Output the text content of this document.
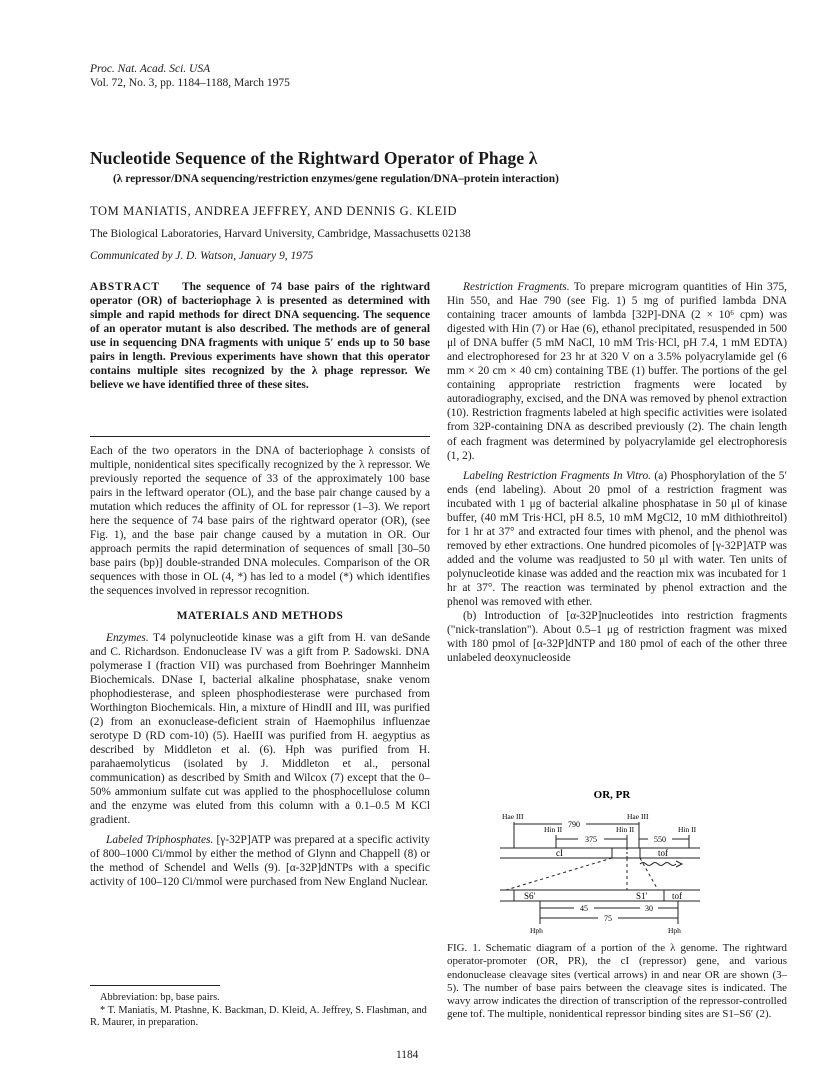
Proc. Nat. Acad. Sci. USA
Vol. 72, No. 3, pp. 1184–1188, March 1975
Nucleotide Sequence of the Rightward Operator of Phage λ
(λ repressor/DNA sequencing/restriction enzymes/gene regulation/DNA–protein interaction)
TOM MANIATIS, ANDREA JEFFREY, AND DENNIS G. KLEID
The Biological Laboratories, Harvard University, Cambridge, Massachusetts 02138
Communicated by J. D. Watson, January 9, 1975
ABSTRACT The sequence of 74 base pairs of the rightward operator (OR) of bacteriophage λ is presented as determined with simple and rapid methods for direct DNA sequencing. The sequence of an operator mutant is also described. The methods are of general use in sequencing DNA fragments with unique 5′ ends up to 50 base pairs in length. Previous experiments have shown that this operator contains multiple sites recognized by the λ phage repressor. We believe we have identified three of these sites.

Each of the two operators in the DNA of bacteriophage λ consists of multiple, nonidentical sites specifically recognized by the λ repressor. We previously reported the sequence of 33 of the approximately 100 base pairs in the leftward operator (OL), and the base pair change caused by a mutation which reduces the affinity of OL for repressor (1–3). We report here the sequence of 74 base pairs of the rightward operator (OR), (see Fig. 1), and the base pair change caused by a mutation in OR. Our approach permits the rapid determination of sequences of small [30–50 base pairs (bp)] double-stranded DNA molecules. Comparison of the OR sequences with those in OL (4, *) has led to a model (*) which identifies the sequences involved in repressor recognition.

MATERIALS AND METHODS

Enzymes. T4 polynucleotide kinase was a gift from H. van deSande and C. Richardson. Endonuclease IV was a gift from P. Sadowski. DNA polymerase I (fraction VII) was purchased from Boehringer Mannheim Biochemicals. DNase I, bacterial alkaline phosphatase, snake venom phophodiesterase, and spleen phosphodiesterase were purchased from Worthington Biochemicals. Hin, a mixture of HindII and III, was purified (2) from an exonuclease-deficient strain of Haemophilus influenzae serotype D (RD com-10) (5). HaeIII was purified from H. aegyptius as described by Middleton et al. (6). Hph was purified from H. parahaemolyticus (isolated by J. Middleton et al., personal communication) as described by Smith and Wilcox (7) except that the 0–50% ammonium sulfate cut was applied to the phosphocellulose column and the enzyme was eluted from this column with a 0.1–0.5 M KCl gradient.

Labeled Triphosphates. [γ-32P]ATP was prepared at a specific activity of 800–1000 Ci/mmol by either the method of Glynn and Chappell (8) or the method of Schendel and Wells (9). [α-32P]dNTPs with a specific activity of 100–120 Ci/mmol were purchased from New England Nuclear.

Abbreviation: bp, base pairs.
* T. Maniatis, M. Ptashne, K. Backman, D. Kleid, A. Jeffrey, S. Flashman, and R. Maurer, in preparation.

Restriction Fragments. To prepare microgram quantities of Hin 375, Hin 550, and Hae 790 (see Fig. 1) 5 mg of purified lambda DNA containing tracer amounts of lambda [32P]-DNA (2 × 10⁶ cpm) was digested with Hin (7) or Hae (6), ethanol precipitated, resuspended in 500 μl of DNA buffer (5 mM NaCl, 10 mM Tris·HCl, pH 7.4, 1 mM EDTA) and electrophoresed for 23 hr at 320 V on a 3.5% polyacrylamide gel (6 mm × 20 cm × 40 cm) containing TBE (1) buffer. The portions of the gel containing appropriate restriction fragments were located by autoradiography, excised, and the DNA was removed by phenol extraction (10). Restriction fragments labeled at high specific activities were isolated from 32P-containing DNA as described previously (2). The chain length of each fragment was determined by polyacrylamide gel electrophoresis (1, 2).

Labeling Restriction Fragments In Vitro. (a) Phosphorylation of the 5′ ends (end labeling). About 20 pmol of a restriction fragment was incubated with 1 μg of bacterial alkaline phosphatase in 50 μl of kinase buffer, (40 mM Tris·HCl, pH 8.5, 10 mM MgCl2, 10 mM dithiothreitol) for 1 hr at 37° and extracted four times with phenol, and the phenol was removed by ether extractions. One hundred picomoles of [γ-32P]ATP was added and the volume was readjusted to 50 μl with water. Ten units of polynucleotide kinase was added and the reaction mix was incubated for 1 hr at 37°. The reaction was terminated by phenol extraction and the phenol was removed with ether.

(b) Introduction of [α-32P]nucleotides into restriction fragments ("nick-translation"). About 0.5–1 μg of restriction fragment was mixed with 180 pmol of [α-32P]dNTP and 180 pmol of each of the other three unlabeled deoxynucleoside

OR, PR
Hae III	Hae III
790
Hin II	Hin II	Hin II
375	550
cI	tof
S6′	S1′	tof
45	30
75
Hph	Hph
FIG. 1. Schematic diagram of a portion of the λ genome. The rightward operator-promoter (OR, PR), the cI (repressor) gene, and various endonuclease cleavage sites (vertical arrows) in and near OR are shown (3–5). The number of base pairs between the cleavage sites is indicated. The wavy arrow indicates the direction of transcription of the repressor-controlled gene tof. The multiple, nonidentical repressor binding sites are S1–S6′ (2).
1184
